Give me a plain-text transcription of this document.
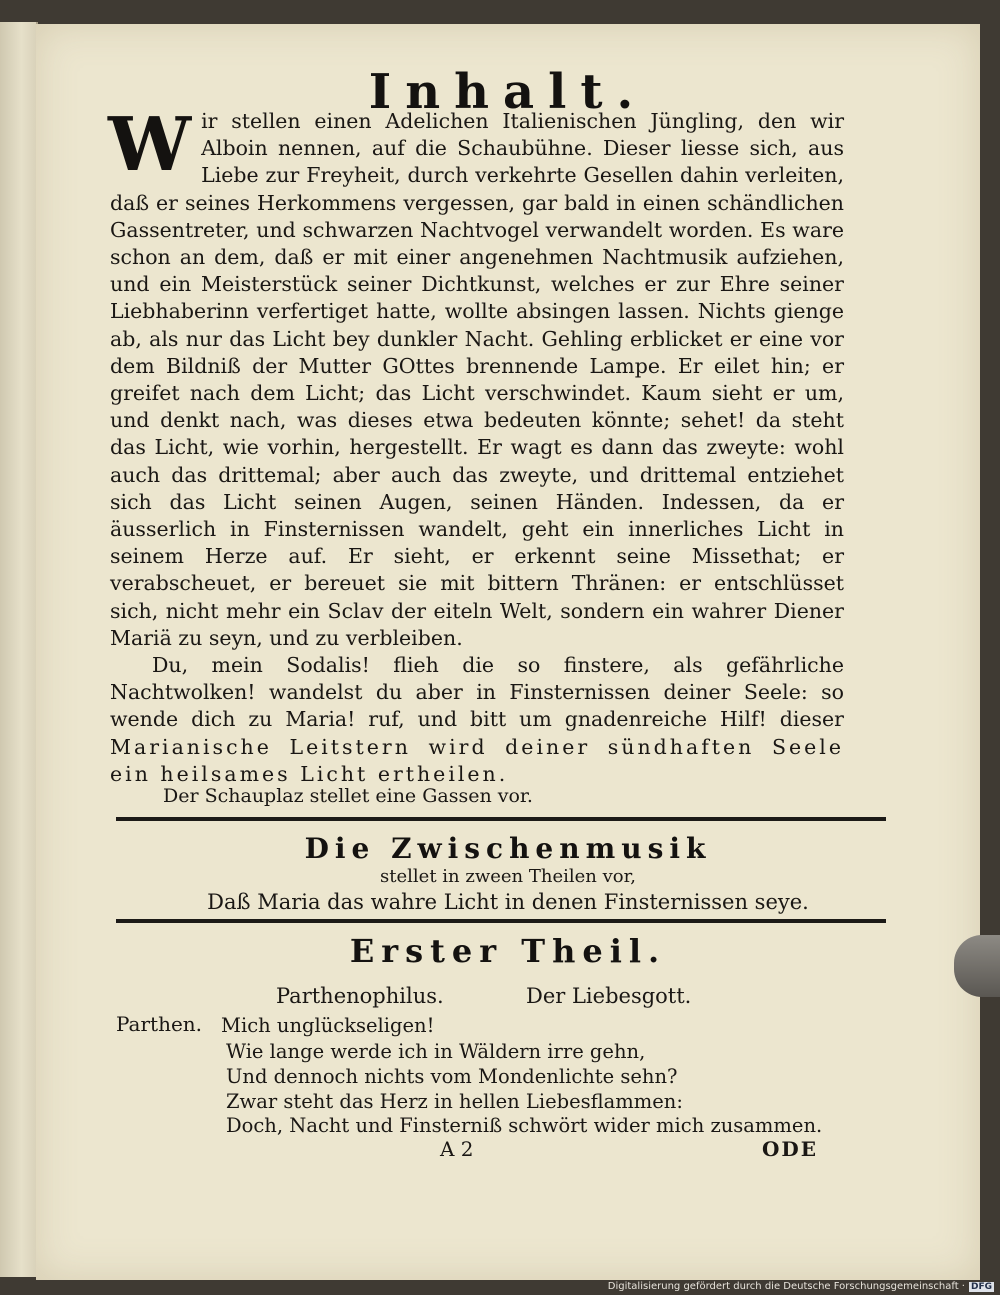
Inhalt.
W ir stellen einen Adelichen Italienischen Jüngling, den wir Alboin nennen, auf die Schaubühne. Dieser liesse sich, aus Liebe zur Freyheit, durch verkehrte Gesellen dahin verleiten, daß er seines Herkommens vergessen, gar bald in einen schändlichen Gassentreter, und schwarzen Nachtvogel verwandelt worden. Es ware schon an dem, daß er mit einer angenehmen Nachtmusik aufziehen, und ein Meisterstück seiner Dichtkunst, welches er zur Ehre seiner Liebhaberinn verfertiget hatte, wollte absingen lassen. Nichts gienge ab, als nur das Licht bey dunkler Nacht. Gehling erblicket er eine vor dem Bildniß der Mutter GOttes brennende Lampe. Er eilet hin; er greifet nach dem Licht; das Licht verschwindet. Kaum sieht er um, und denkt nach, was dieses etwa bedeuten könnte; sehet! da steht das Licht, wie vorhin, hergestellt. Er wagt es dann das zweyte: wohl auch das drittemal; aber auch das zweyte, und drittemal entziehet sich das Licht seinen Augen, seinen Händen. Indessen, da er äusserlich in Finsternissen wandelt, geht ein innerliches Licht in seinem Herze auf. Er sieht, er erkennt seine Missethat; er verabscheuet, er bereuet sie mit bittern Thränen: er entschlüsset sich, nicht mehr ein Sclav der eiteln Welt, sondern ein wahrer Diener Mariä zu seyn, und zu verbleiben.
Du, mein Sodalis! flieh die so finstere, als gefährliche Nachtwolken! wandelst du aber in Finsternissen deiner Seele: so wende dich zu Maria! ruf, und bitt um gnadenreiche Hilf! dieser Marianische Leitstern wird deiner sündhaften Seele ein heilsames Licht ertheilen.
Der Schauplaz stellet eine Gassen vor.
Die Zwischenmusik
stellet in zween Theilen vor,
Daß Maria das wahre Licht in denen Finsternissen seye.
Erster Theil.
Parthenophilus.	Der Liebesgott.
Parthen. Mich unglückseligen!
Wie lange werde ich in Wäldern irre gehn,
Und dennoch nichts vom Mondenlichte sehn?
Zwar steht das Herz in hellen Liebesflammen:
Doch, Nacht und Finsterniß schwört wider mich zusammen.
A 2	ODE
Digitalisierung gefördert durch die Deutsche Forschungsgemeinschaft · DFG
